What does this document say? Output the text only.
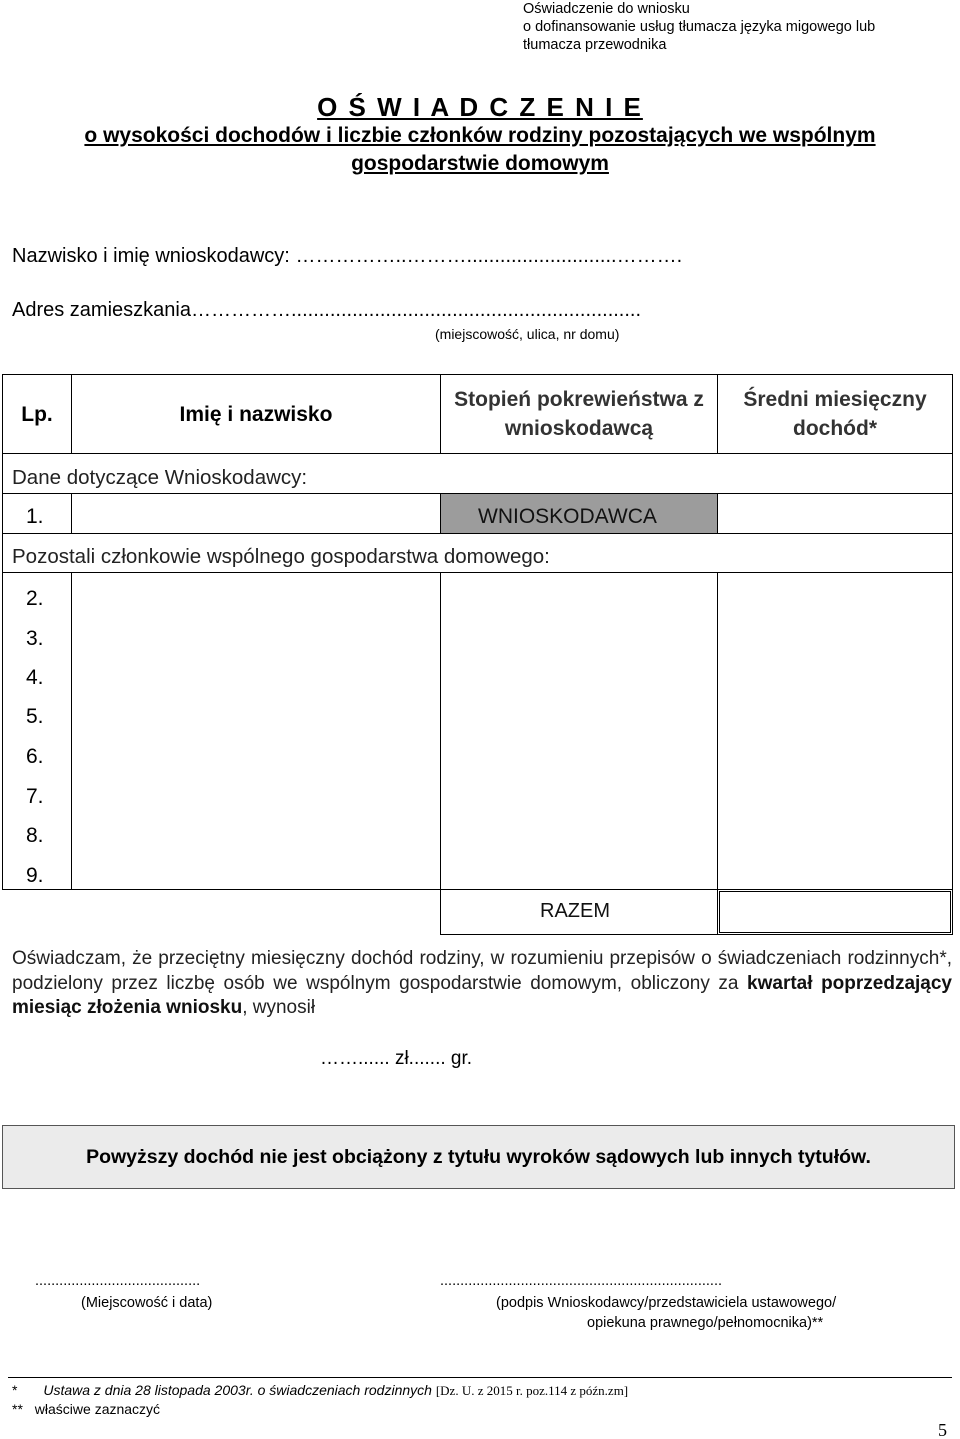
Oświadczenie do wniosku
o dofinansowanie usług tłumacza języka migowego lub
tłumacza przewodnika
O Ś W I A D C Z E N I E
o wysokości dochodów i liczbie członków rodziny pozostających we wspólnym gospodarstwie domowym
Nazwisko i imię wnioskodawcy: ……………..………...........................……….
Adres zamieszkania……………...............................................................
(miejscowość, ulica, nr domu)
Lp.	Imię i nazwisko
Stopień pokrewieństwa z wnioskodawcą
Średni miesięczny dochód*
Dane dotyczące Wnioskodawcy:
1.	WNIOSKODAWCA
Pozostali członkowie wspólnego gospodarstwa domowego:
2.
3.
4.
5.
6.
7.
8.
9.
RAZEM
Oświadczam, że przeciętny miesięczny dochód rodziny, w rozumieniu przepisów o świadczeniach rodzinnych*, podzielony przez liczbę osób we wspólnym gospodarstwie domowym, obliczony za kwartał poprzedzający miesiąc złożenia wniosku, wynosił
……...... zł....... gr.
Powyższy dochód nie jest obciążony z tytułu wyroków sądowych lub innych tytułów.
.........................................
(Miejscowość i data)
......................................................................
(podpis Wnioskodawcy/przedstawiciela ustawowego/
opiekuna prawnego/pełnomocnika)**
* Ustawa z dnia 28 listopada 2003r. o świadczeniach rodzinnych [Dz. U. z 2015 r. poz.114 z późn.zm]
** właściwe zaznaczyć
5
